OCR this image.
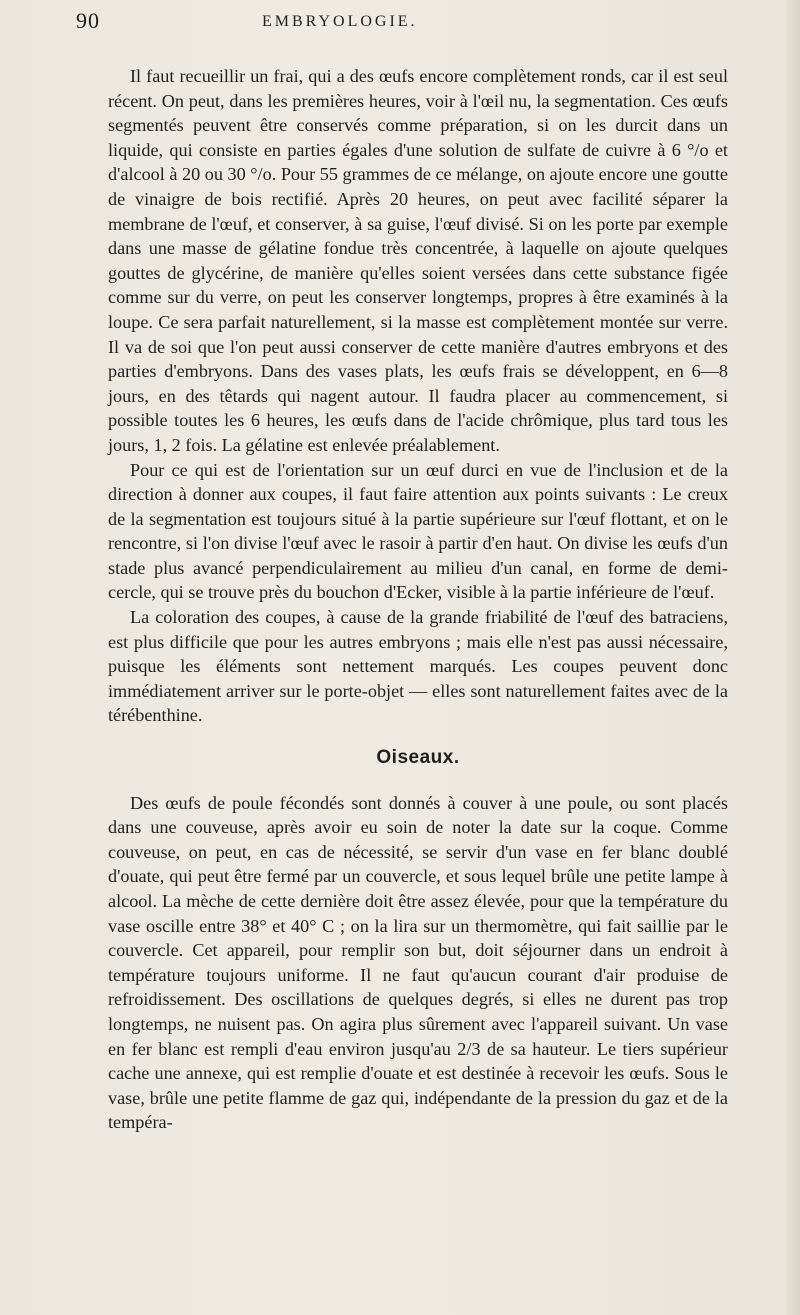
90	EMBRYOLOGIE.

Il faut recueillir un frai, qui a des œufs encore complètement ronds, car il est seul récent. On peut, dans les premières heures, voir à l'œil nu, la segmentation. Ces œufs segmentés peuvent être conservés comme préparation, si on les durcit dans un liquide, qui consiste en parties égales d'une solution de sulfate de cuivre à 6 °/o et d'alcool à 20 ou 30 °/o. Pour 55 grammes de ce mélange, on ajoute encore une goutte de vinaigre de bois rectifié. Après 20 heures, on peut avec facilité séparer la membrane de l'œuf, et conserver, à sa guise, l'œuf divisé. Si on les porte par exemple dans une masse de gélatine fondue très concentrée, à laquelle on ajoute quelques gouttes de glycérine, de manière qu'elles soient versées dans cette substance figée comme sur du verre, on peut les conserver longtemps, propres à être examinés à la loupe. Ce sera parfait naturellement, si la masse est complètement montée sur verre. Il va de soi que l'on peut aussi conserver de cette manière d'autres embryons et des parties d'embryons. Dans des vases plats, les œufs frais se développent, en 6—8 jours, en des têtards qui nagent autour. Il faudra placer au commencement, si possible toutes les 6 heures, les œufs dans de l'acide chrômique, plus tard tous les jours, 1, 2 fois. La gélatine est enlevée préalablement.

Pour ce qui est de l'orientation sur un œuf durci en vue de l'inclusion et de la direction à donner aux coupes, il faut faire attention aux points suivants : Le creux de la segmentation est toujours situé à la partie supérieure sur l'œuf flottant, et on le rencontre, si l'on divise l'œuf avec le rasoir à partir d'en haut. On divise les œufs d'un stade plus avancé perpendiculairement au milieu d'un canal, en forme de demi-cercle, qui se trouve près du bouchon d'Ecker, visible à la partie inférieure de l'œuf.

La coloration des coupes, à cause de la grande friabilité de l'œuf des batraciens, est plus difficile que pour les autres embryons ; mais elle n'est pas aussi nécessaire, puisque les éléments sont nettement marqués. Les coupes peuvent donc immédiatement arriver sur le porte-objet — elles sont naturellement faites avec de la térébenthine.

Oiseaux.

Des œufs de poule fécondés sont donnés à couver à une poule, ou sont placés dans une couveuse, après avoir eu soin de noter la date sur la coque. Comme couveuse, on peut, en cas de nécessité, se servir d'un vase en fer blanc doublé d'ouate, qui peut être fermé par un couvercle, et sous lequel brûle une petite lampe à alcool. La mèche de cette dernière doit être assez élevée, pour que la température du vase oscille entre 38° et 40° C ; on la lira sur un thermomètre, qui fait saillie par le couvercle. Cet appareil, pour remplir son but, doit séjourner dans un endroit à température toujours uniforme. Il ne faut qu'aucun courant d'air produise de refroidissement. Des oscillations de quelques degrés, si elles ne durent pas trop longtemps, ne nuisent pas. On agira plus sûrement avec l'appareil suivant. Un vase en fer blanc est rempli d'eau environ jusqu'au 2/3 de sa hauteur. Le tiers supérieur cache une annexe, qui est remplie d'ouate et est destinée à recevoir les œufs. Sous le vase, brûle une petite flamme de gaz qui, indépendante de la pression du gaz et de la tempéra-
